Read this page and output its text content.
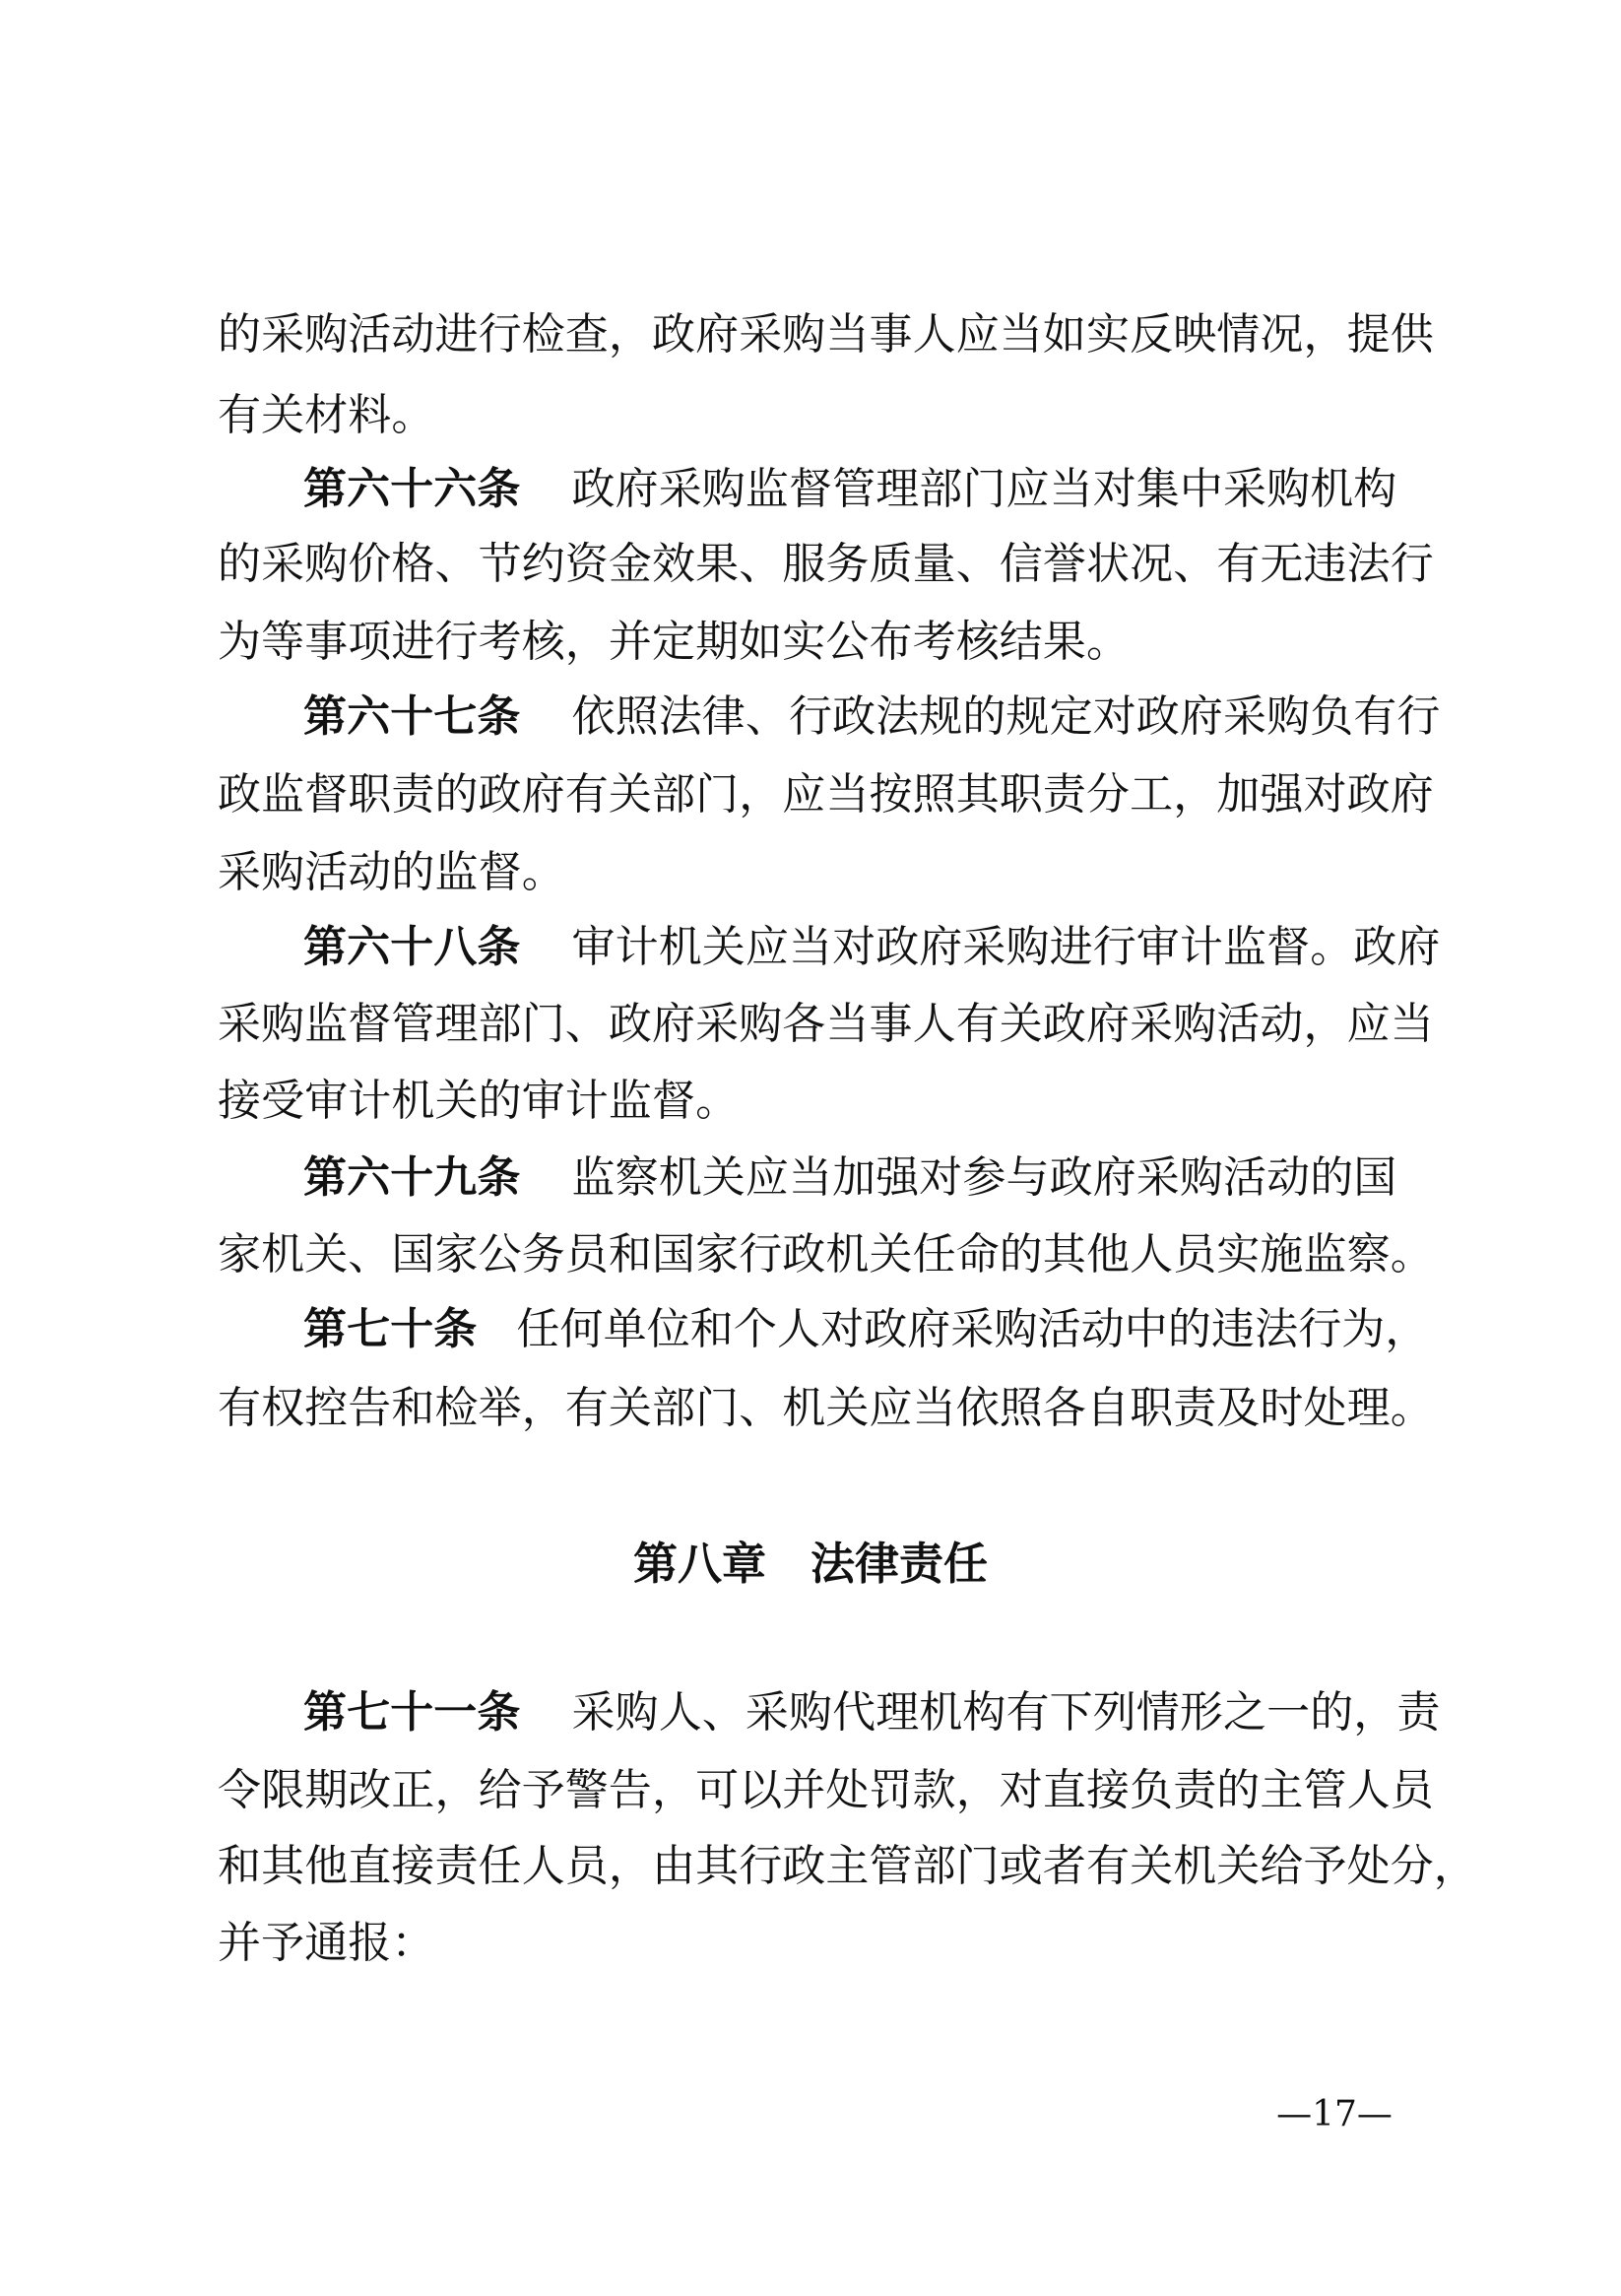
的采购活动进行检查，政府采购当事人应当如实反映情况，提供
有关材料。
第六十六条 政府采购监督管理部门应当对集中采购机构
的采购价格、节约资金效果、服务质量、信誉状况、有无违法行
为等事项进行考核，并定期如实公布考核结果。
第六十七条 依照法律、行政法规的规定对政府采购负有行
政监督职责的政府有关部门，应当按照其职责分工，加强对政府
采购活动的监督。
第六十八条 审计机关应当对政府采购进行审计监督。政府
采购监督管理部门、政府采购各当事人有关政府采购活动，应当
接受审计机关的审计监督。
第六十九条 监察机关应当加强对参与政府采购活动的国
家机关、国家公务员和国家行政机关任命的其他人员实施监察。
第七十条 任何单位和个人对政府采购活动中的违法行为，
有权控告和检举，有关部门、机关应当依照各自职责及时处理。
第八章　法律责任
第七十一条 采购人、采购代理机构有下列情形之一的，责
令限期改正，给予警告，可以并处罚款，对直接负责的主管人员
和其他直接责任人员，由其行政主管部门或者有关机关给予处分，
并予通报：
—17—
